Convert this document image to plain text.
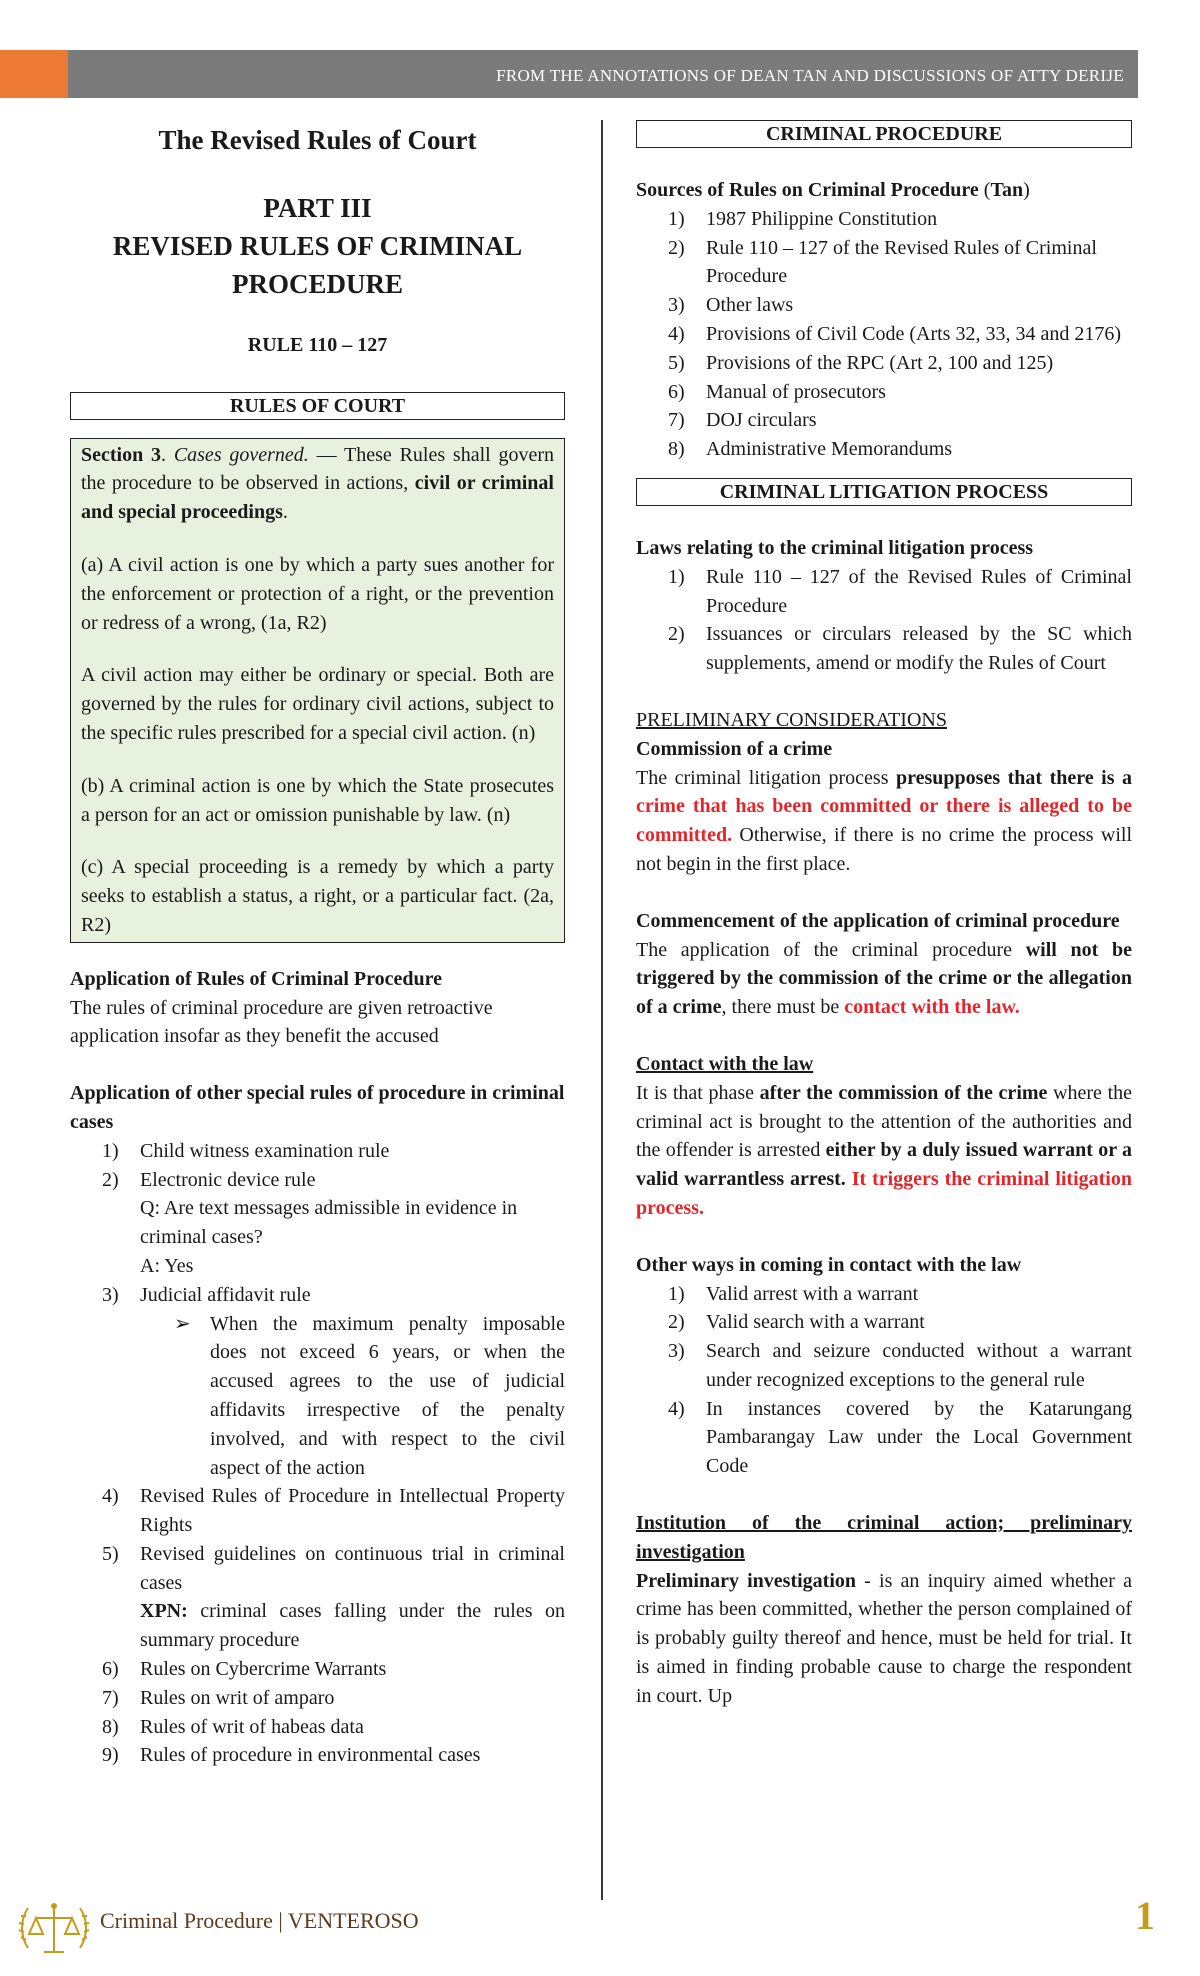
FROM THE ANNOTATIONS OF DEAN TAN AND DISCUSSIONS OF ATTY DERIJE
The Revised Rules of Court
PART III
REVISED RULES OF CRIMINAL
PROCEDURE
RULE 110 – 127
RULES OF COURT

Section 3. Cases governed. — These Rules shall govern the procedure to be observed in actions, civil or criminal and special proceedings.

(a) A civil action is one by which a party sues another for the enforcement or protection of a right, or the prevention or redress of a wrong, (1a, R2)

A civil action may either be ordinary or special. Both are governed by the rules for ordinary civil actions, subject to the specific rules prescribed for a special civil action. (n)

(b) A criminal action is one by which the State prosecutes a person for an act or omission punishable by law. (n)

(c) A special proceeding is a remedy by which a party seeks to establish a status, a right, or a particular fact. (2a, R2)

Application of Rules of Criminal Procedure
The rules of criminal procedure are given retroactive application insofar as they benefit the accused
Application of other special rules of procedure in criminal cases
1) Child witness examination rule
2) Electronic device rule
Q: Are text messages admissible in evidence in criminal cases?
A: Yes
3) Judicial affidavit rule
➢ When the maximum penalty imposable does not exceed 6 years, or when the accused agrees to the use of judicial affidavits irrespective of the penalty involved, and with respect to the civil aspect of the action
4) Revised Rules of Procedure in Intellectual Property Rights
5) Revised guidelines on continuous trial in criminal cases
XPN: criminal cases falling under the rules on summary procedure
6) Rules on Cybercrime Warrants
7) Rules on writ of amparo
8) Rules of writ of habeas data
9) Rules of procedure in environmental cases
CRIMINAL PROCEDURE
Sources of Rules on Criminal Procedure (Tan)
1) 1987 Philippine Constitution
2) Rule 110 – 127 of the Revised Rules of Criminal Procedure
3) Other laws
4) Provisions of Civil Code (Arts 32, 33, 34 and 2176)
5) Provisions of the RPC (Art 2, 100 and 125)
6) Manual of prosecutors
7) DOJ circulars
8) Administrative Memorandums
CRIMINAL LITIGATION PROCESS
Laws relating to the criminal litigation process
1) Rule 110 – 127 of the Revised Rules of Criminal Procedure
2) Issuances or circulars released by the SC which supplements, amend or modify the Rules of Court
PRELIMINARY CONSIDERATIONS
Commission of a crime
The criminal litigation process presupposes that there is a crime that has been committed or there is alleged to be committed. Otherwise, if there is no crime the process will not begin in the first place.
Commencement of the application of criminal procedure
The application of the criminal procedure will not be triggered by the commission of the crime or the allegation of a crime, there must be contact with the law.
Contact with the law
It is that phase after the commission of the crime where the criminal act is brought to the attention of the authorities and the offender is arrested either by a duly issued warrant or a valid warrantless arrest. It triggers the criminal litigation process.
Other ways in coming in contact with the law
1) Valid arrest with a warrant
2) Valid search with a warrant
3) Search and seizure conducted without a warrant under recognized exceptions to the general rule
4) In instances covered by the Katarungang Pambarangay Law under the Local Government Code
Institution of the criminal action; preliminary investigation
Preliminary investigation - is an inquiry aimed whether a crime has been committed, whether the person complained of is probably guilty thereof and hence, must be held for trial. It is aimed in finding probable cause to charge the respondent in court. Up
Criminal Procedure | VENTEROSO	1
